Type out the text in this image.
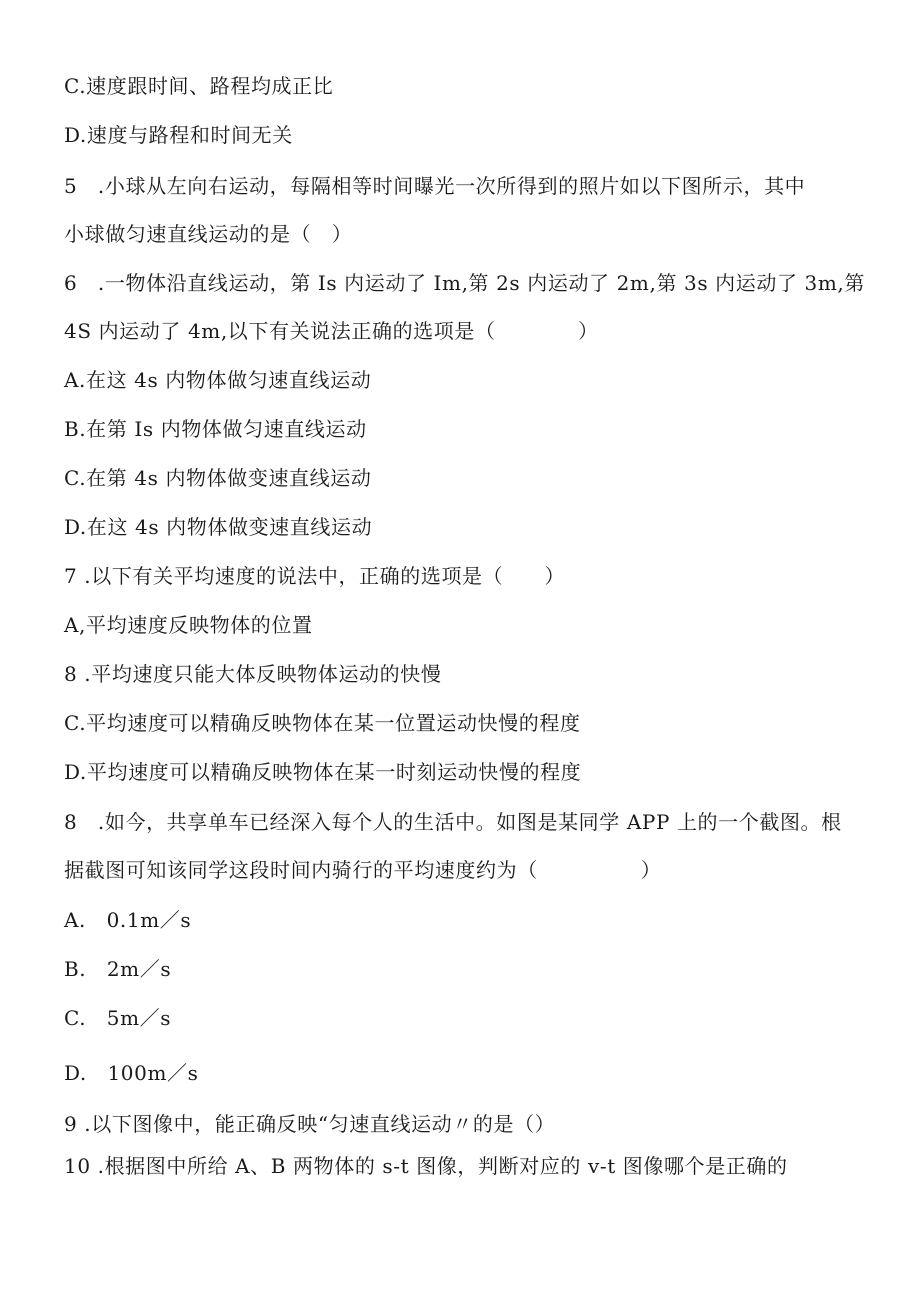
C.速度跟时间、路程均成正比
D.速度与路程和时间无关
5　.小球从左向右运动，每隔相等时间曝光一次所得到的照片如以下图所示，其中
小球做匀速直线运动的是（　）
6　.一物体沿直线运动，第 Is 内运动了 Im,第 2s 内运动了 2m,第 3s 内运动了 3m,第
4S 内运动了 4m,以下有关说法正确的选项是（　　　　）
A.在这 4s 内物体做匀速直线运动
B.在第 Is 内物体做匀速直线运动
C.在第 4s 内物体做变速直线运动
D.在这 4s 内物体做变速直线运动
7 .以下有关平均速度的说法中，正确的选项是（　　）
A,平均速度反映物体的位置
8 .平均速度只能大体反映物体运动的快慢
C.平均速度可以精确反映物体在某一位置运动快慢的程度
D.平均速度可以精确反映物体在某一时刻运动快慢的程度
8　.如今，共享单车已经深入每个人的生活中。如图是某同学 APP 上的一个截图。根
据截图可知该同学这段时间内骑行的平均速度约为（　　　　　）
A.　0.1m／s
B.　2m／s
C.　5m／s
D.　100m／s
9 .以下图像中，能正确反映“匀速直线运动〃的是（）
10 .根据图中所给 A、B 两物体的 s-t 图像，判断对应的 v-t 图像哪个是正确的
